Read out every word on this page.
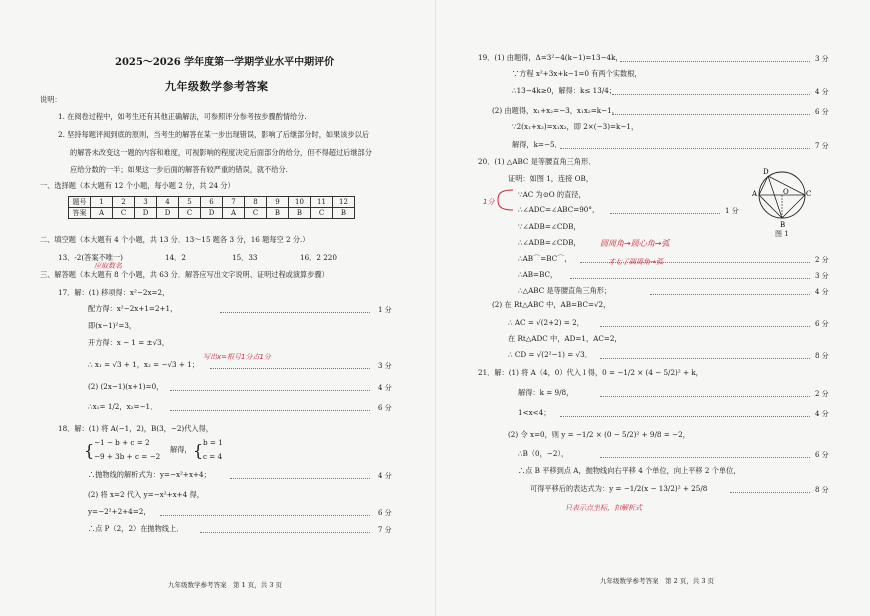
2025～2026 学年度第一学期学业水平中期评价
九年级数学参考答案
说明：
1. 在阅卷过程中，如考生还有其他正确解法，可参照评分参考按步骤酌情给分.
2. 坚持每题评阅到底的原则，当考生的解答在某一步出现错误，影响了后继部分时，如果该步以后
的解答未改变这一题的内容和难度，可视影响的程度决定后面部分的给分，但不得超过后继部分
应给分数的一半；如果这一步后面的解答有较严重的错误，就不给分.
一、选择题（本大题有 12 个小题，每小题 2 分，共 24 分）
题号	1	2	3	4	5	6	7	8	9	10	11	12
答案	A	C	D	D	C	D	A	C	B	B	C	B
二、填空题（本大题有 4 个小题，共 13 分．13～15 题各 3 分，16 题每空 2 分.）
13．-2(答案不唯一)	14．2	15．33	16．2 220
三、解答题（本大题有 8 个小题，共 63 分．解答应写出文字说明、证明过程或演算步骤）
17．解：(1) 移项得：x²−2x=2，
配方得：x²−2x+1=2+1，
即(x−1)²=3，
开方得：x − 1 = ±√3，
∴ x₁ = √3 + 1，x₂ = −√3 + 1；
(2) (2x−1)(x+1)=0，
∴x₁= 1/2，x₂=−1．
1 分
3 分
4 分
6 分
18．解：(1) 将 A(−1，2)，B(3，−2)代入得，
{ −1 − b + c = 2
−9 + 3b + c = −2
解得， { b = 1
c = 4
∴抛物线的解析式为：y=−x²+x+4；
(2) 将 x=2 代入 y=−x²+x+4 得，
y=−2²+2+4=2，
∴点 P（2，2）在抛物线上．
4 分
6 分
7 分
九年级数学参考答案　第 1 页，共 3 页
应取数名
写出x=根号1分占1分
19．(1) 由题得，Δ=3²−4(k−1)=13−4k，
∵方程 x²+3x+k−1=0 有两个实数根，
∴13−4k≥0，解得：k≤ 13/4；
(2) 由题得，x₁+x₂=−3，x₁x₂=k−1，
∵2(x₁+x₂)=x₁x₂，即 2×(−3)=k−1，
解得，k=−5．
3 分
4 分
6 分
7 分
20．(1) △ABC 是等腰直角三角形．
证明：如图 1，连接 OB，
∵AC 为⊙O 的直径，
∴∠ADC=∠ABC=90°，
∵∠ADB=∠CDB，
∴∠ADB=∠CDB，
∴AB⌒=BC⌒，
∴AB=BC，
∴△ABC 是等腰直角三角形；
(2) 在 Rt△ABC 中，AB=BC=√2，
∴ AC = √(2+2) = 2，
在 Rt△ADC 中，AD=1，AC=2，
∴ CD = √(2²−1) = √3．
1 分
2 分
3 分
4 分
6 分
8 分
21．解：(1) 将 A（4，0）代入 l 得，0 = −1/2 × (4 − 5/2)² + k，
解得：k = 9/8，
1<x<4；
(2) 令 x=0，则 y = −1/2 × (0 − 5/2)² + 9/8 = −2，
∴B（0，−2），
∴点 B 平移到点 A，抛物线向右平移 4 个单位，向上平移 2 个单位，
可得平移后的表达式为：y = −1/2(x − 13/2)² + 25/8
2 分
4 分
6 分
8 分
九年级数学参考答案　第 2 页，共 3 页
D
A	O C
B
图 1
圆周角→圆心角→弧
1分
才七了圆周角→弧
只表示点坐标，扣解析式
